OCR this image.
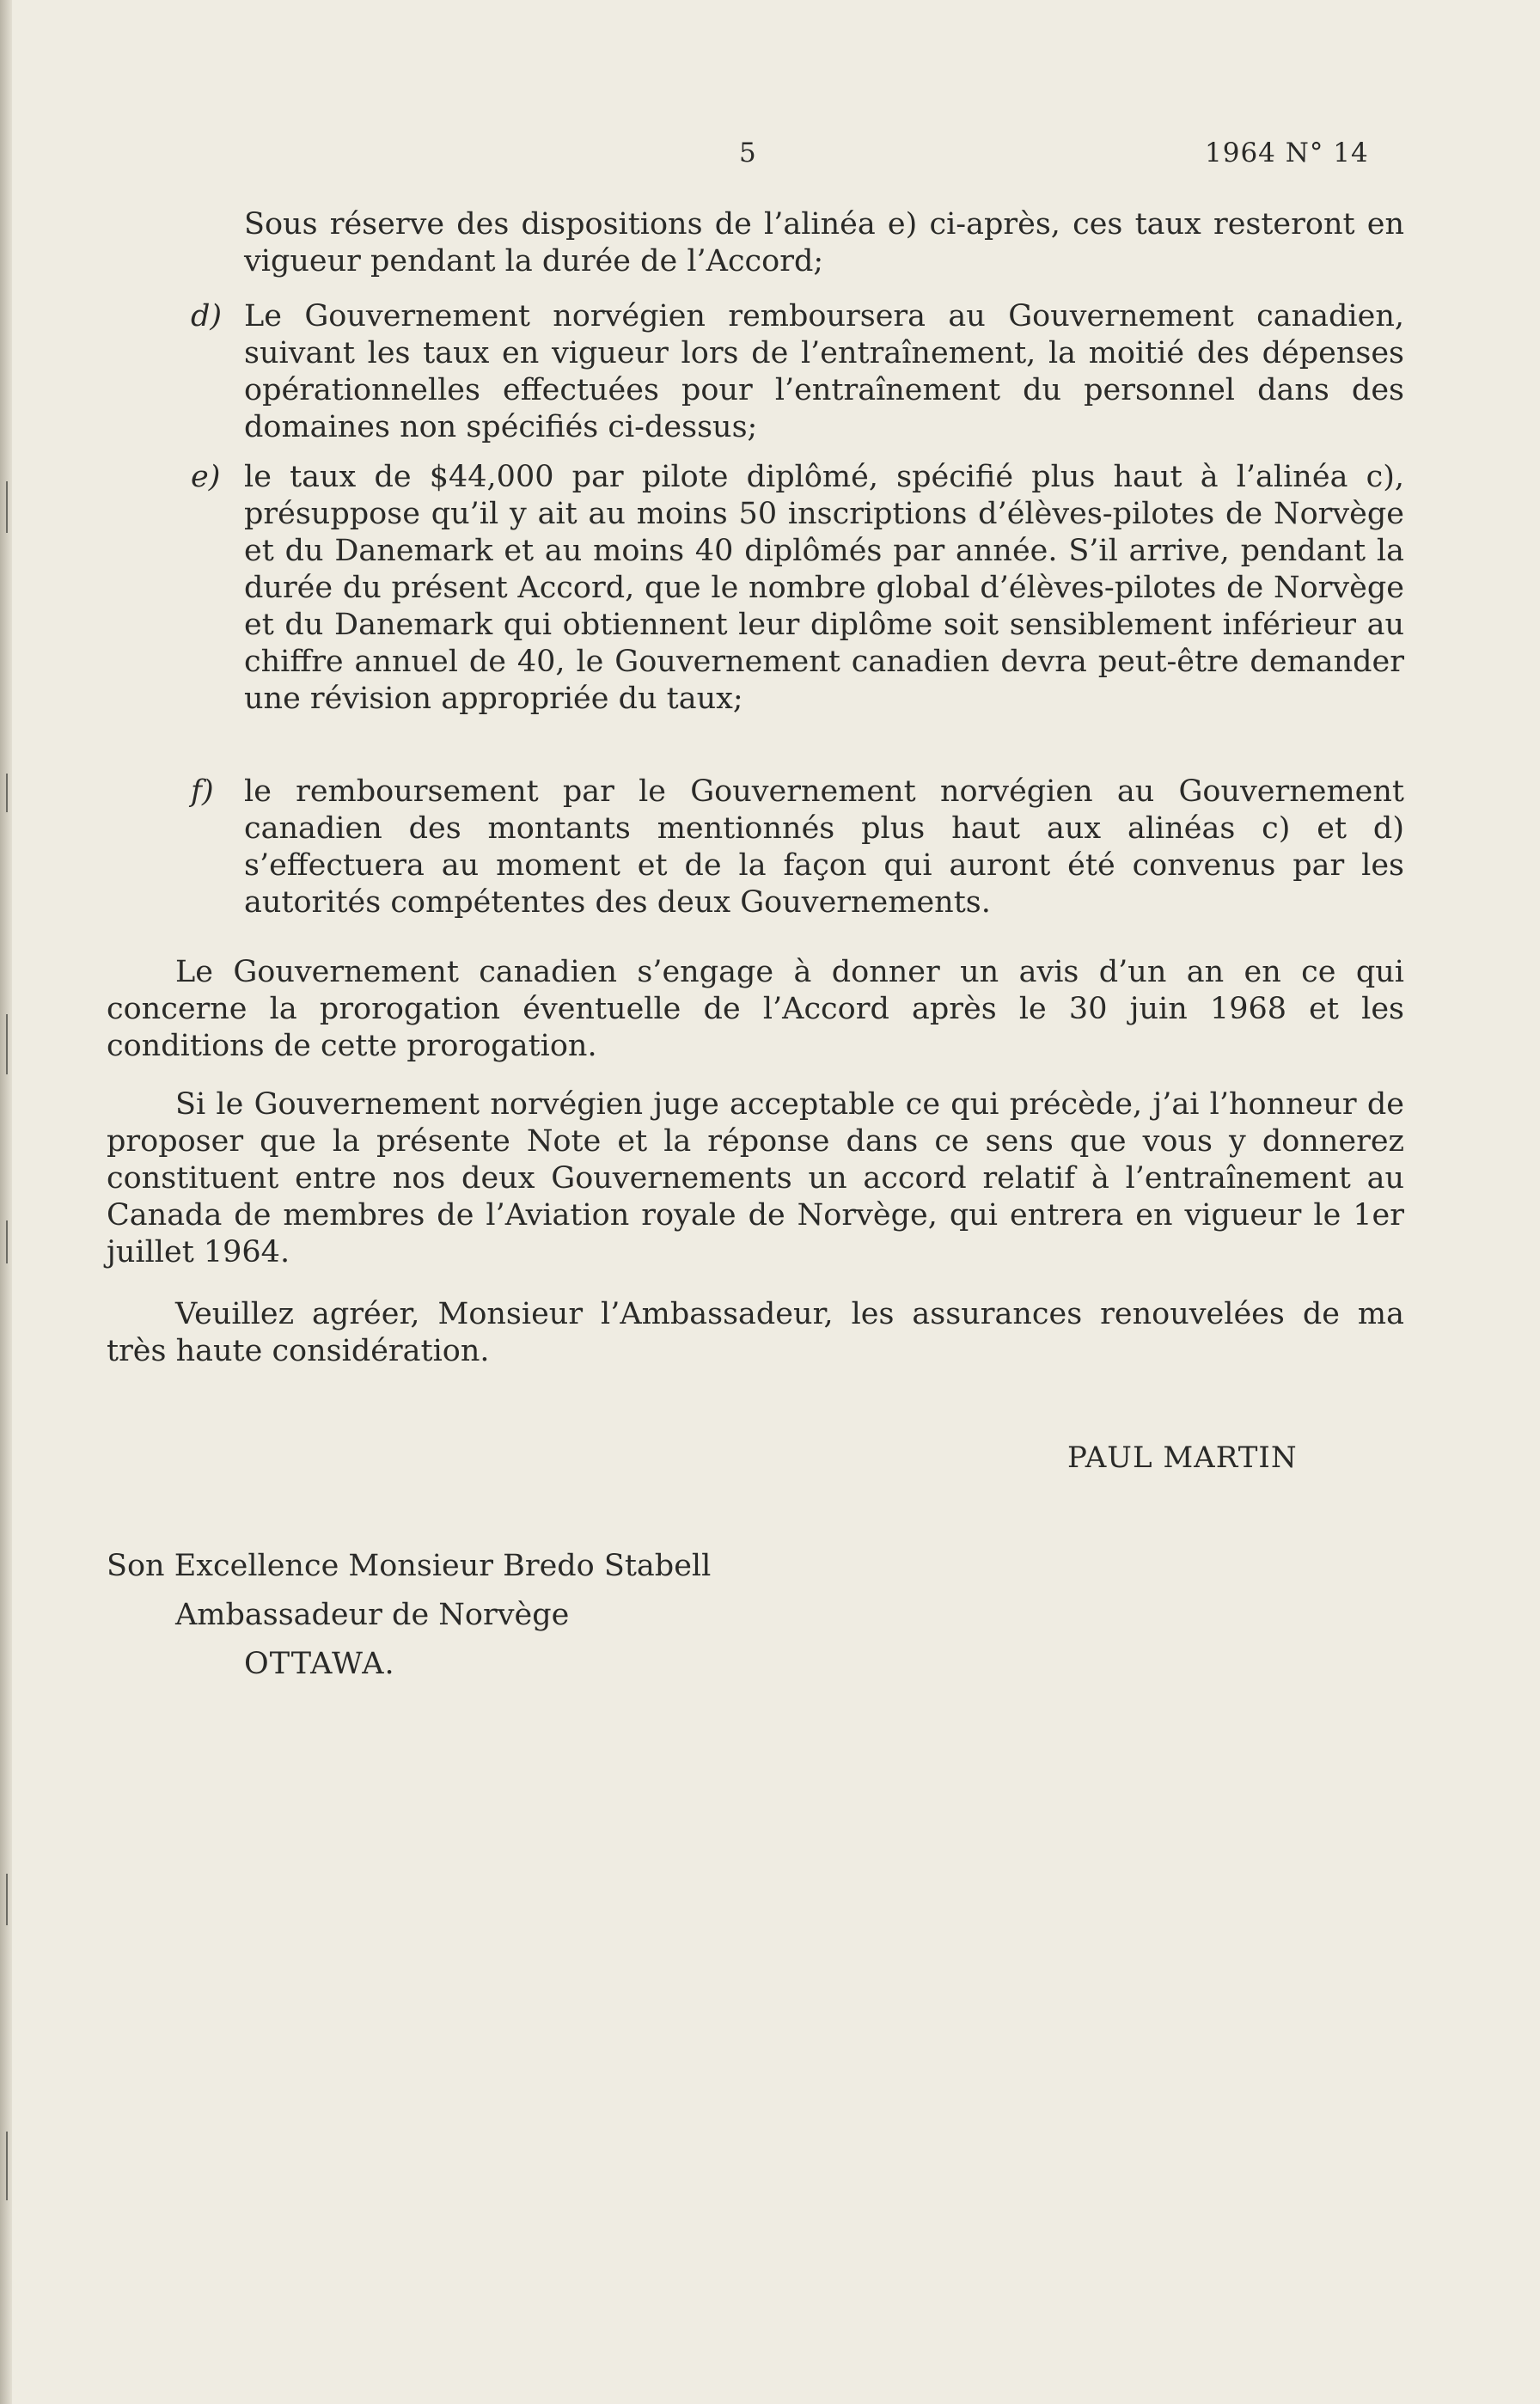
5	1964 N° 14

Sous réserve des dispositions de l’alinéa e) ci-après, ces taux resteront en vigueur pendant la durée de l’Accord;

d) Le Gouvernement norvégien remboursera au Gouvernement canadien, suivant les taux en vigueur lors de l’entraînement, la moitié des dépenses opérationnelles effectuées pour l’entraînement du personnel dans des domaines non spécifiés ci-dessus;

e) le taux de $44,000 par pilote diplômé, spécifié plus haut à l’alinéa c), présuppose qu’il y ait au moins 50 inscriptions d’élèves-pilotes de Norvège et du Danemark et au moins 40 diplômés par année. S’il arrive, pendant la durée du présent Accord, que le nombre global d’élèves-pilotes de Norvège et du Danemark qui obtiennent leur diplôme soit sensiblement inférieur au chiffre annuel de 40, le Gouvernement canadien devra peut-être demander une révision appropriée du taux;

f) le remboursement par le Gouvernement norvégien au Gouvernement canadien des montants mentionnés plus haut aux alinéas c) et d) s’effectuera au moment et de la façon qui auront été convenus par les autorités compétentes des deux Gouvernements.

Le Gouvernement canadien s’engage à donner un avis d’un an en ce qui concerne la prorogation éventuelle de l’Accord après le 30 juin 1968 et les conditions de cette prorogation.

Si le Gouvernement norvégien juge acceptable ce qui précède, j’ai l’honneur de proposer que la présente Note et la réponse dans ce sens que vous y donnerez constituent entre nos deux Gouvernements un accord relatif à l’entraînement au Canada de membres de l’Aviation royale de Norvège, qui entrera en vigueur le 1er juillet 1964.

Veuillez agréer, Monsieur l’Ambassadeur, les assurances renouvelées de ma très haute considération.

PAUL MARTIN
Son Excellence Monsieur Bredo Stabell
Ambassadeur de Norvège
OTTAWA.
